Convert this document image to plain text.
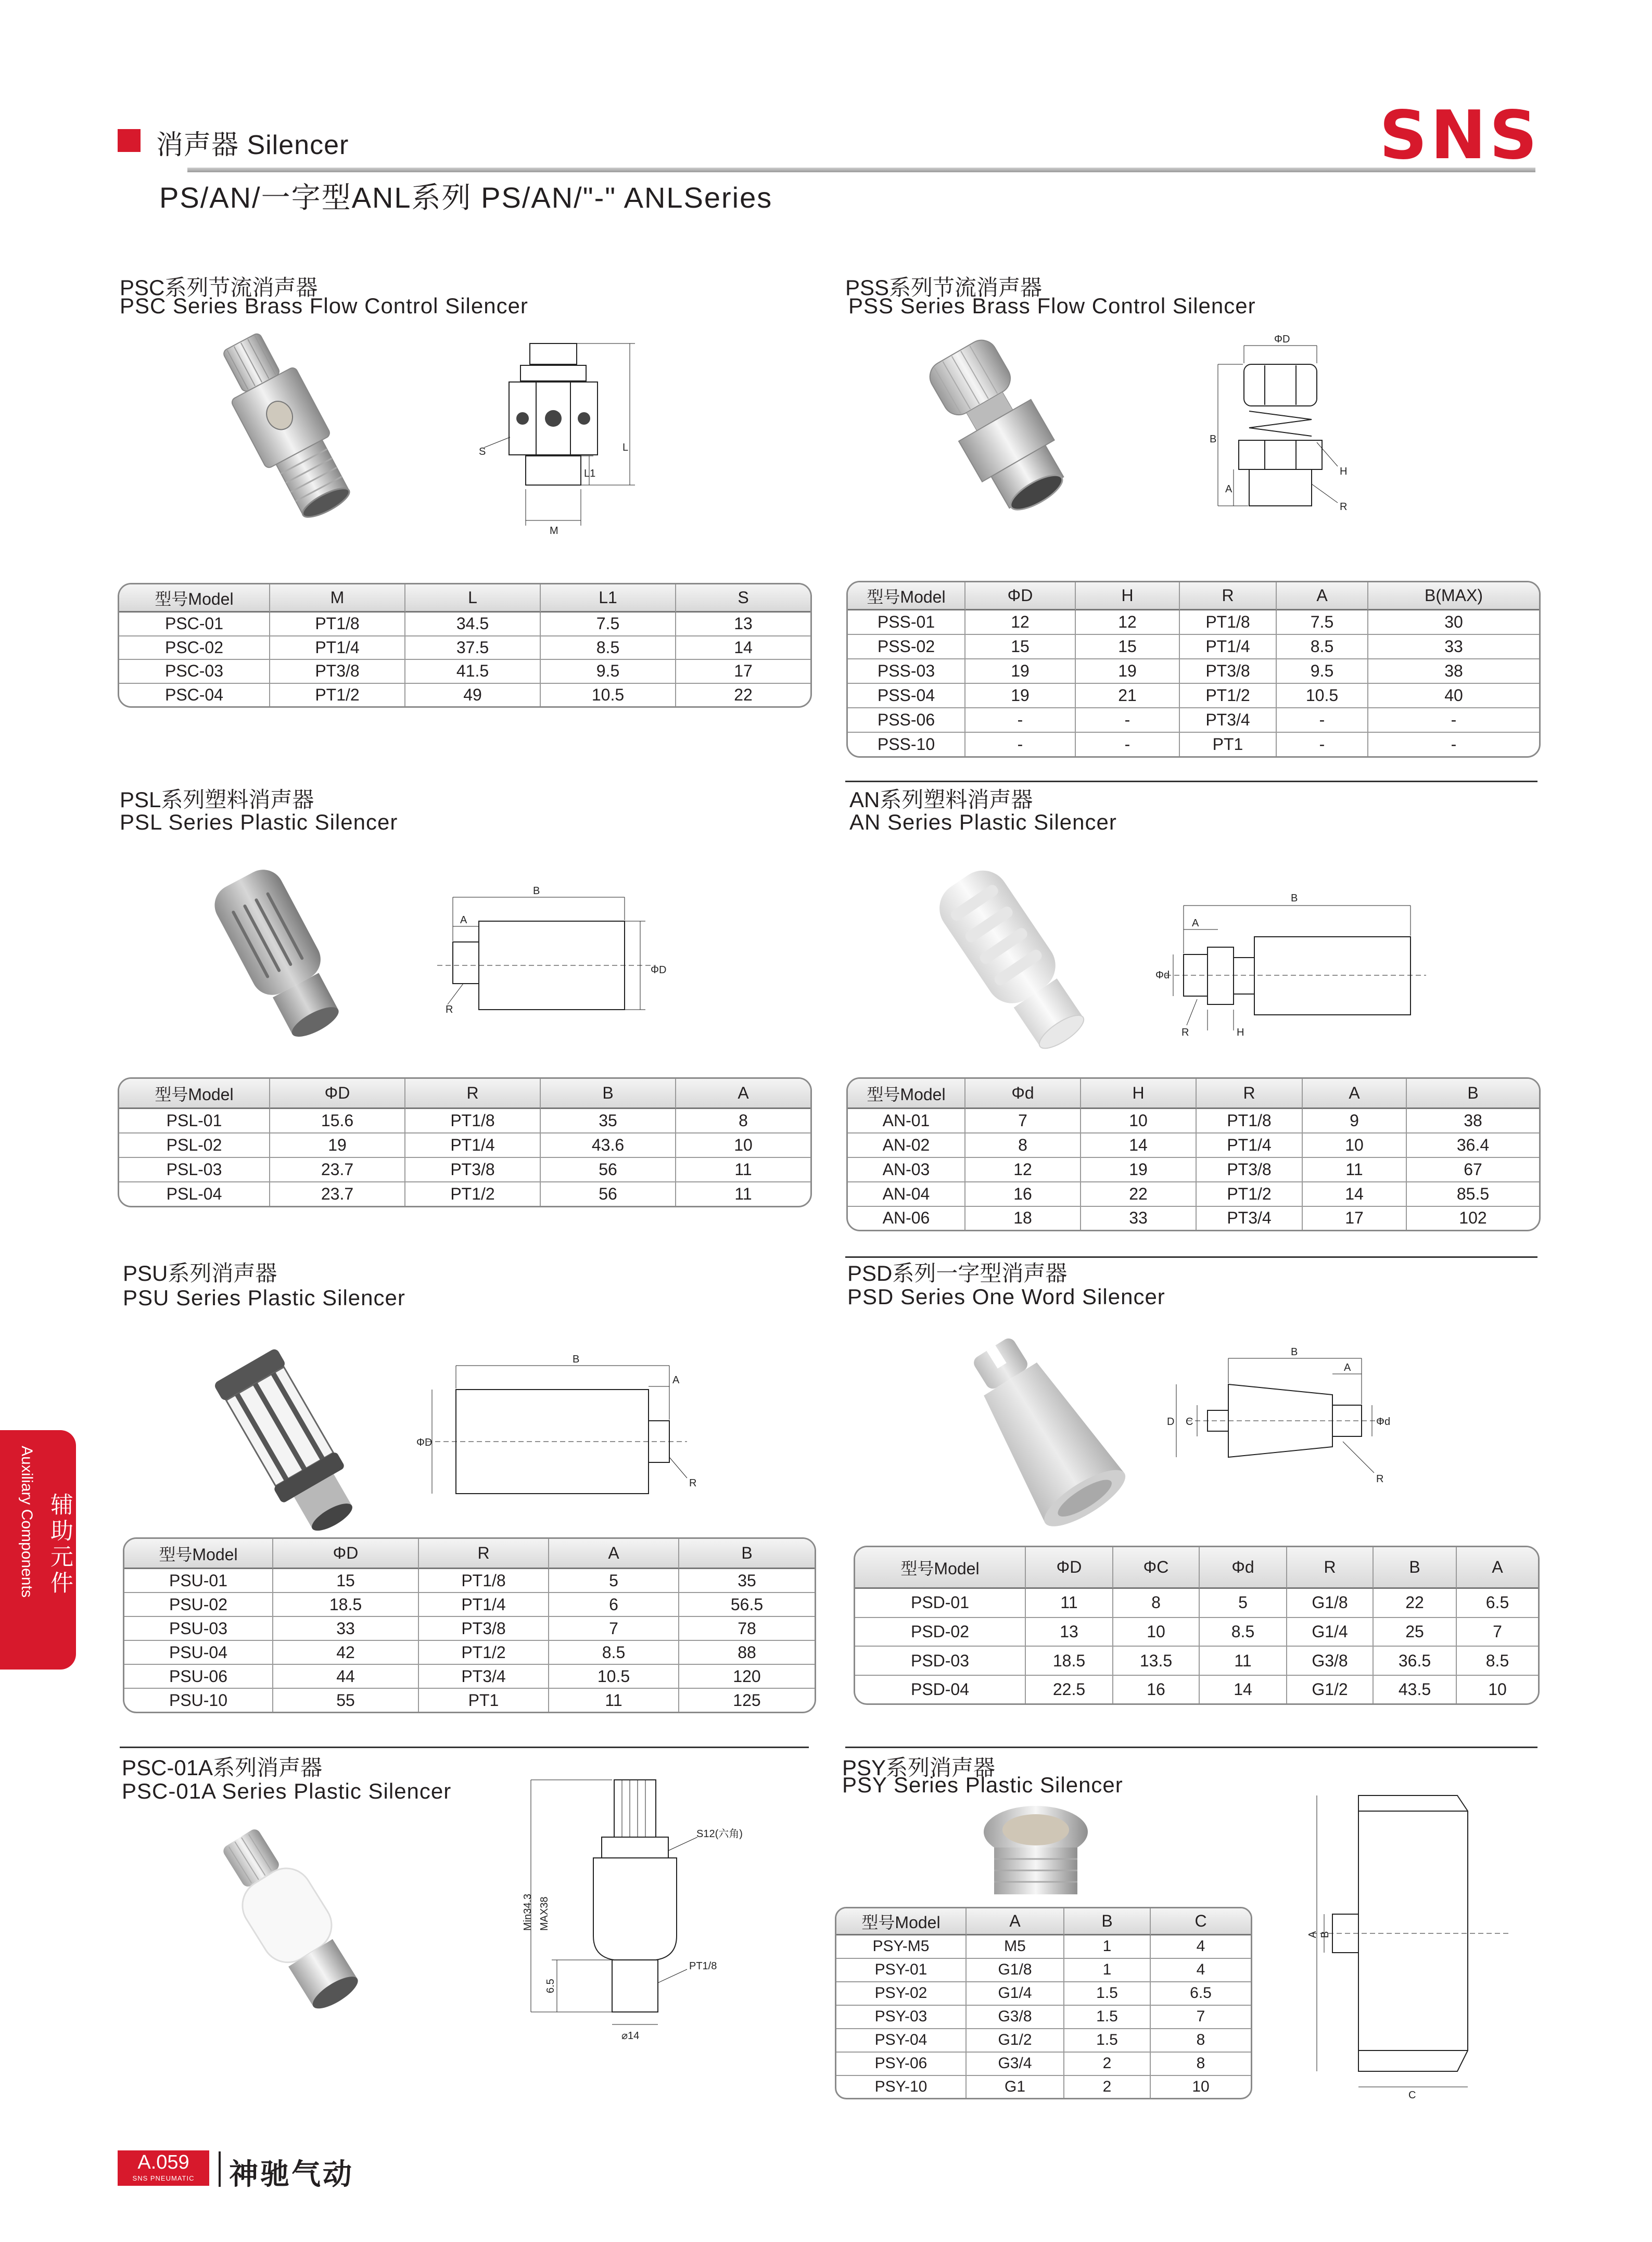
消声器 Silencer
PS/AN/一字型ANL系列 PS/AN/"-" ANLSeries
SNS
Auxiliary Components 辅助元件
PSC系列节流消声器
PSC Series Brass Flow Control Silencer
L
L1
S
M
型号Model	M	L	L1	S
PSC-01	PT1/8	34.5	7.5	13
PSC-02	PT1/4	37.5	8.5	14
PSC-03	PT3/8	41.5	9.5	17
PSC-04	PT1/2	49	10.5	22
PSS系列节流消声器
PSS Series Brass Flow Control Silencer
ΦD
B
A
H
R
型号Model	ΦD	H	R	A	B(MAX)
PSS-01	12	12	PT1/8	7.5	30
PSS-02	15	15	PT1/4	8.5	33
PSS-03	19	19	PT3/8	9.5	38
PSS-04	19	21	PT1/2	10.5	40
PSS-06	-	-	PT3/4	-	-
PSS-10	-	-	PT1	-	-
PSL系列塑料消声器
PSL Series Plastic Silencer
B
A
ΦD
R
型号Model	ΦD	R	B	A
PSL-01	15.6	PT1/8	35	8
PSL-02	19	PT1/4	43.6	10
PSL-03	23.7	PT3/8	56	11
PSL-04	23.7	PT1/2	56	11
AN系列塑料消声器
AN Series Plastic Silencer
B
A
Φd
R	H
型号Model	Φd	H	R	A	B
AN-01	7	10	PT1/8	9	38
AN-02	8	14	PT1/4	10	36.4
AN-03	12	19	PT3/8	11	67
AN-04	16	22	PT1/2	14	85.5
AN-06	18	33	PT3/4	17	102
PSU系列消声器
PSU Series Plastic Silencer
B
A
ΦD
R
型号Model	ΦD	R	A	B
PSU-01	15	PT1/8	5	35
PSU-02	18.5	PT1/4	6	56.5
PSU-03	33	PT3/8	7	78
PSU-04	42	PT1/2	8.5	88
PSU-06	44	PT3/4	10.5	120
PSU-10	55	PT1	11	125
PSD系列一字型消声器
PSD Series One Word Silencer
B
A
D C	Φd
R
型号Model	ΦD	ΦC	Φd	R	B	A
PSD-01	11	8	5	G1/8	22	6.5
PSD-02	13	10	8.5	G1/4	25	7
PSD-03	18.5	13.5	11	G3/8	36.5	8.5
PSD-04	22.5	16	14	G1/2	43.5	10
PSC-01A系列消声器
PSC-01A Series Plastic Silencer
S12(六角)
Min34.3 MAX38
PT1/8
6.5
⌀14
PSY系列消声器
PSY Series Plastic Silencer
A B
C
型号Model	A	B	C
PSY-M5	M5	1	4
PSY-01	G1/8	1	4
PSY-02	G1/4	1.5	6.5
PSY-03	G3/8	1.5	7
PSY-04	G1/2	1.5	8
PSY-06	G3/4	2	8
PSY-10	G1	2	10
A.059
SNS PNEUMATIC	神驰气动
